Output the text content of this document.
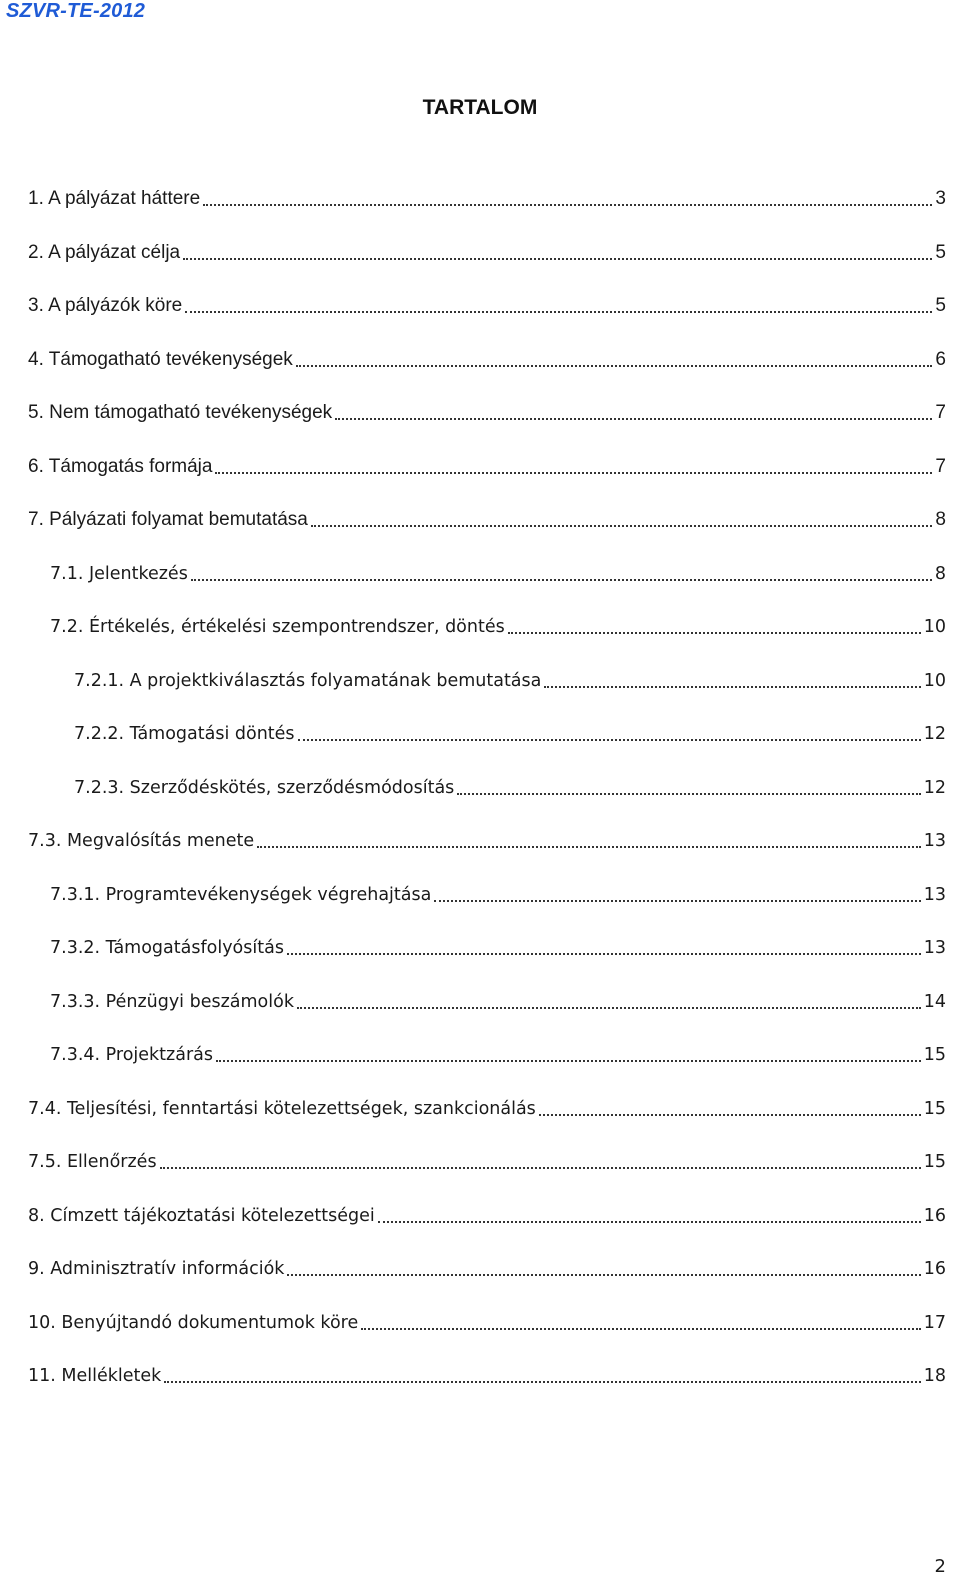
SZVR-TE-2012
TARTALOM
1. A pályázat háttere	3
2. A pályázat célja	5
3. A pályázók köre	5
4. Támogatható tevékenységek	6
5. Nem támogatható tevékenységek	7
6. Támogatás formája	7
7. Pályázati folyamat bemutatása	8
7.1. Jelentkezés	8
7.2. Értékelés, értékelési szempontrendszer, döntés	10
7.2.1. A projektkiválasztás folyamatának bemutatása	10
7.2.2. Támogatási döntés	12
7.2.3. Szerződéskötés, szerződésmódosítás	12
7.3. Megvalósítás menete	13
7.3.1. Programtevékenységek végrehajtása	13
7.3.2. Támogatásfolyósítás	13
7.3.3. Pénzügyi beszámolók	14
7.3.4. Projektzárás	15
7.4. Teljesítési, fenntartási kötelezettségek, szankcionálás	15
7.5. Ellenőrzés	15
8. Címzett tájékoztatási kötelezettségei	16
9. Adminisztratív információk	16
10. Benyújtandó dokumentumok köre	17
11. Mellékletek	18
2
